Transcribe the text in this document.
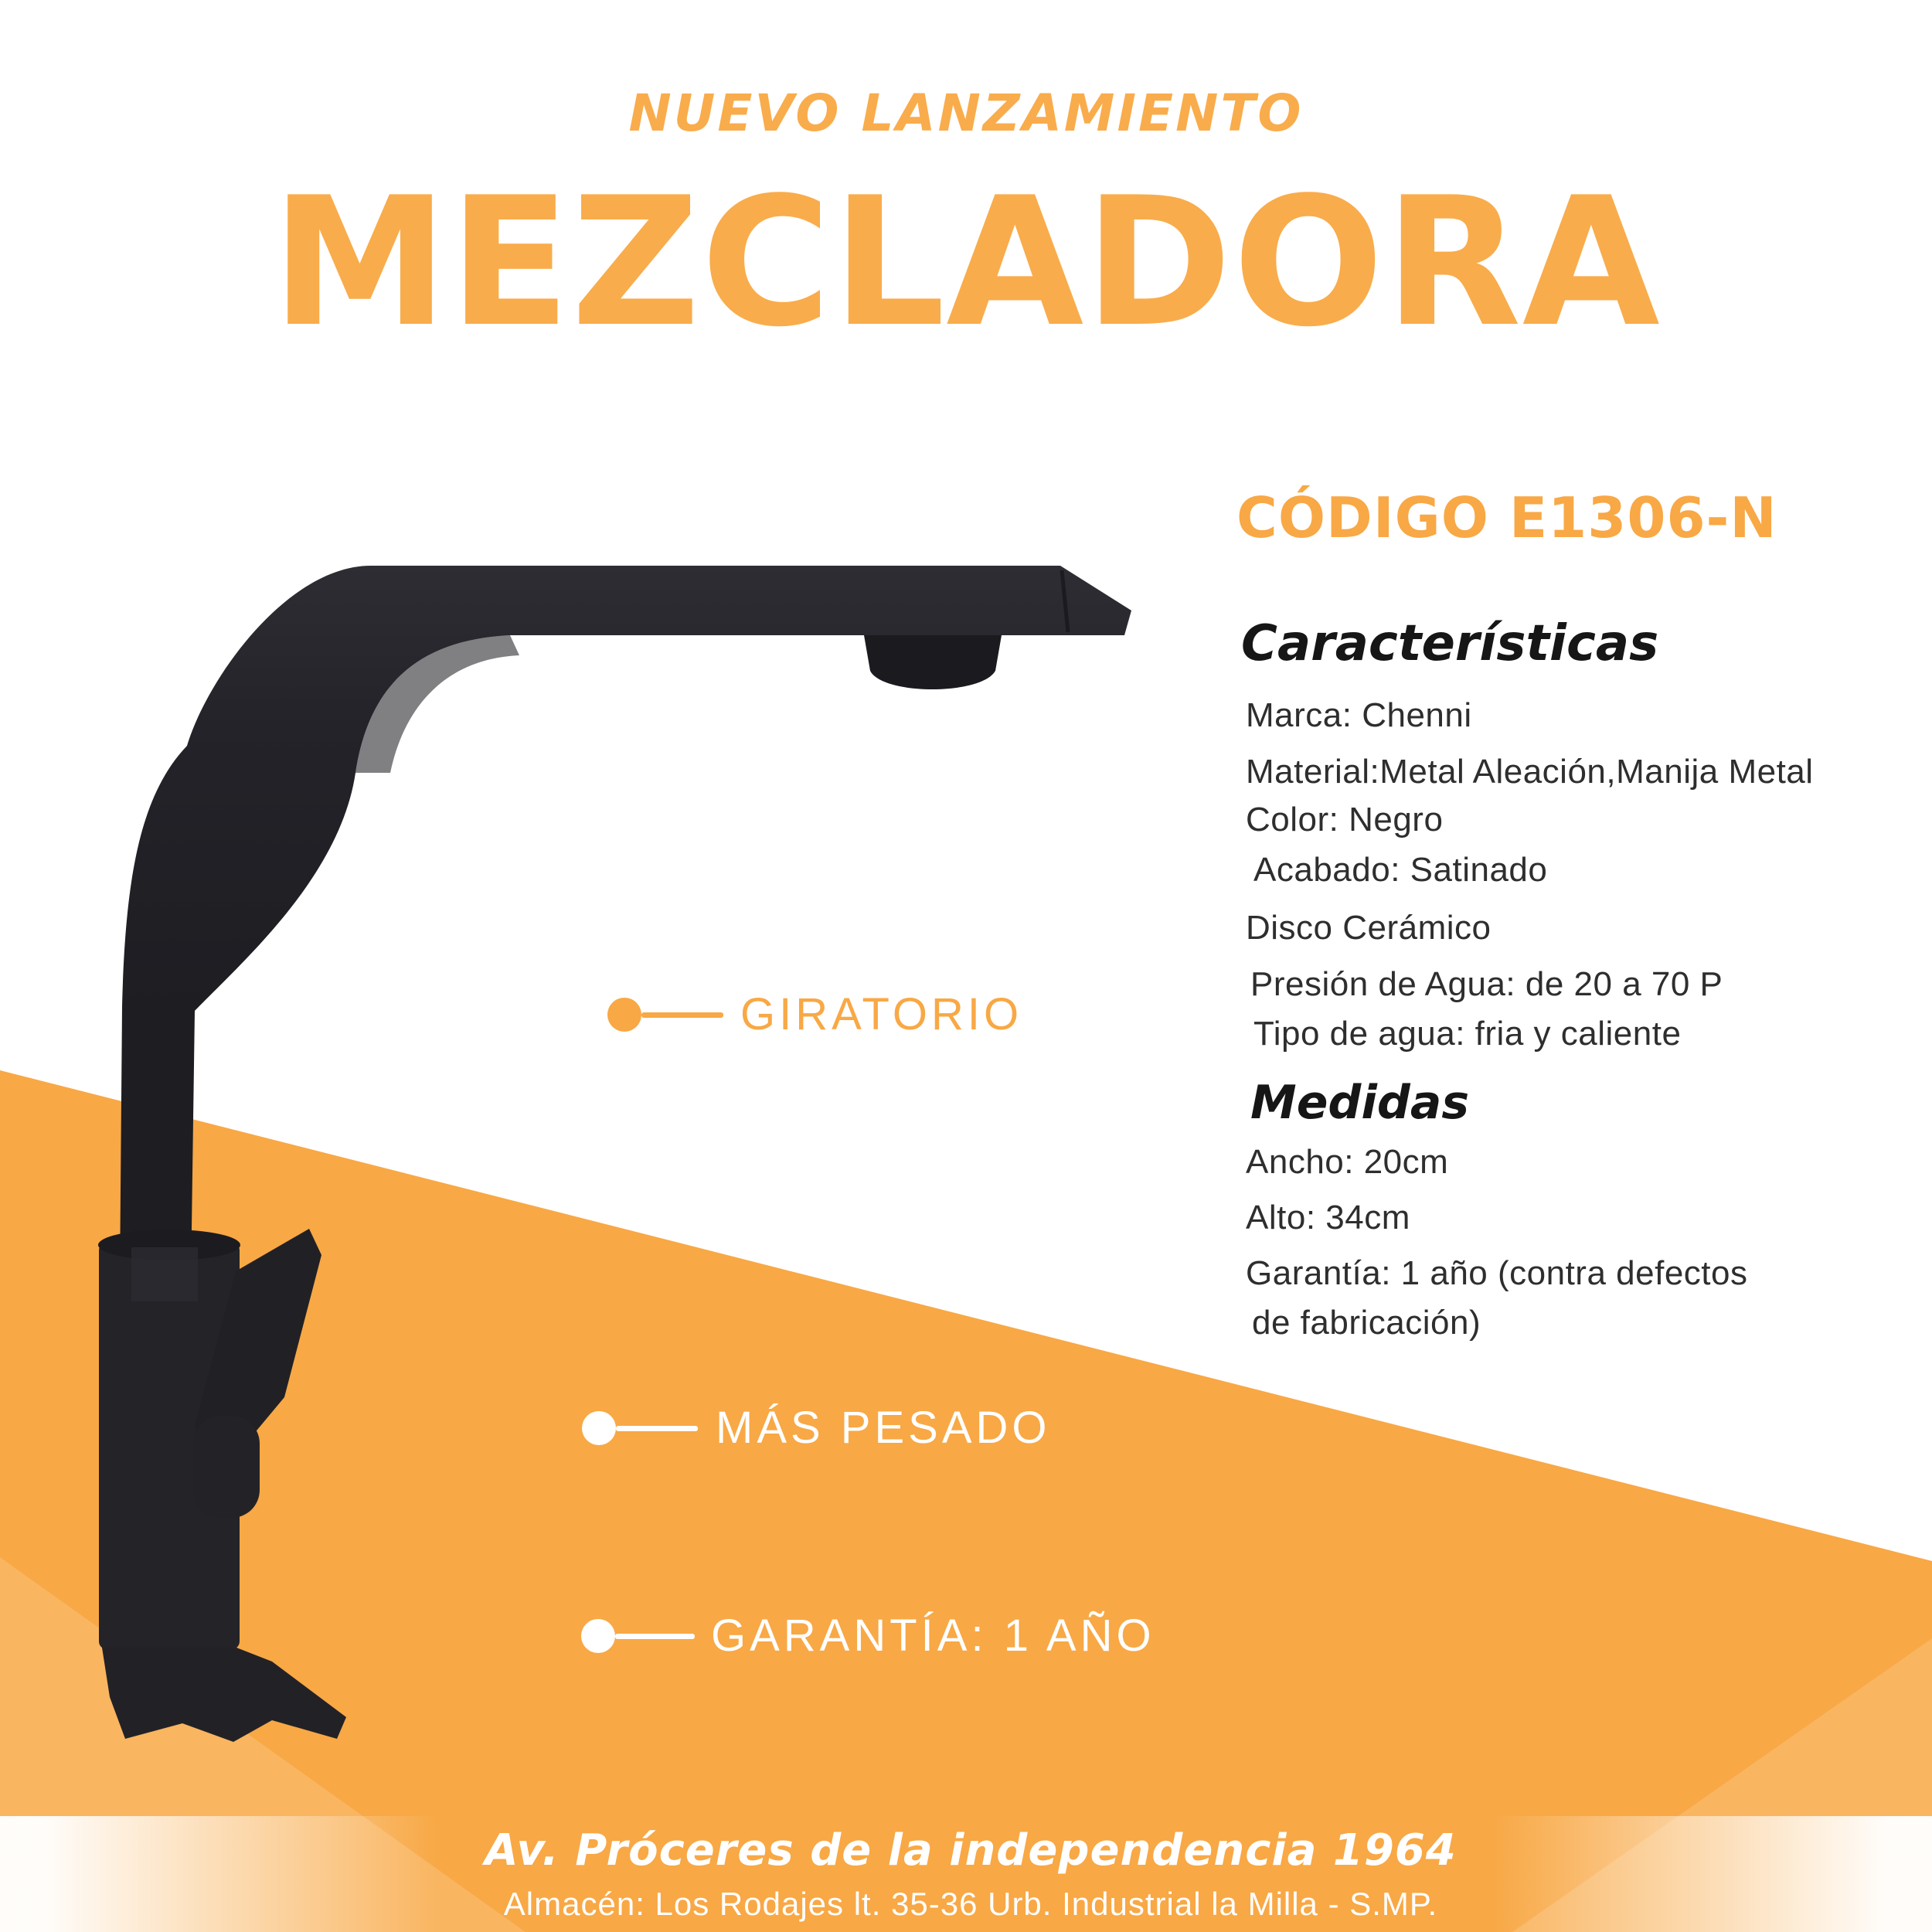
NUEVO LANZAMIENTO
MEZCLADORA
CÓDIGO E1306-N
Características
Marca: Chenni
Material:Metal Aleación,Manija Metal
Color: Negro
Acabado: Satinado
Disco Cerámico
Presión de Agua: de 20 a 70 P
Tipo de agua: fria y caliente
Medidas
Ancho: 20cm
Alto: 34cm
Garantía: 1 año (contra defectos
de fabricación)
GIRATORIO
MÁS PESADO
GARANTÍA: 1 AÑO
Av. Próceres de la independencia 1964
Almacén: Los Rodajes lt. 35-36 Urb. Industrial la Milla - S.MP.
